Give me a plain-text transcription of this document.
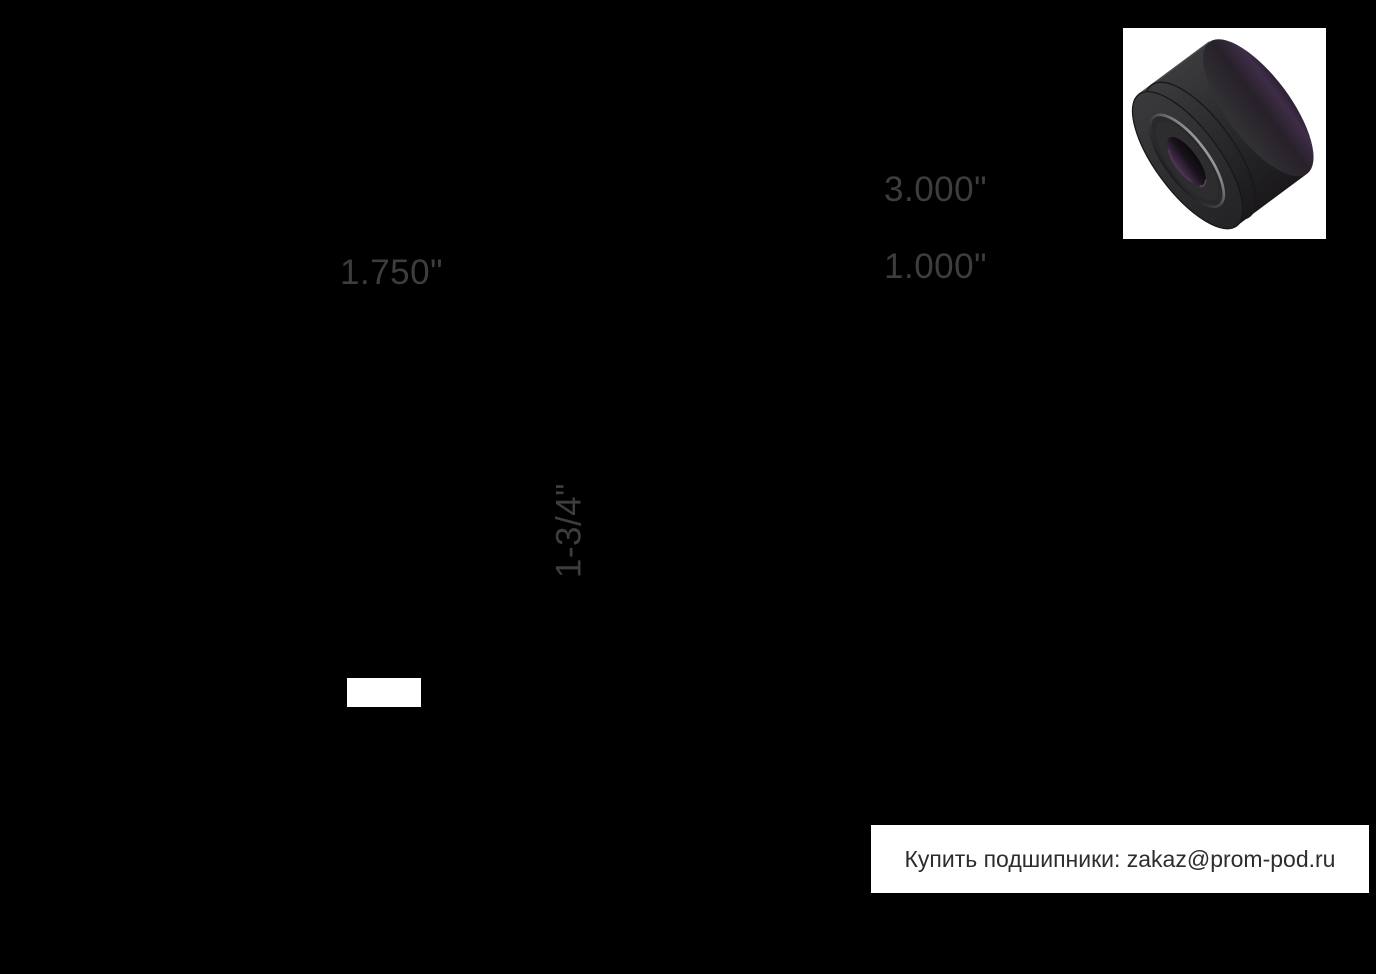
1.750"
3.000"
1.000"
1-3/4"
Купить подшипники: zakaz@prom-pod.ru
